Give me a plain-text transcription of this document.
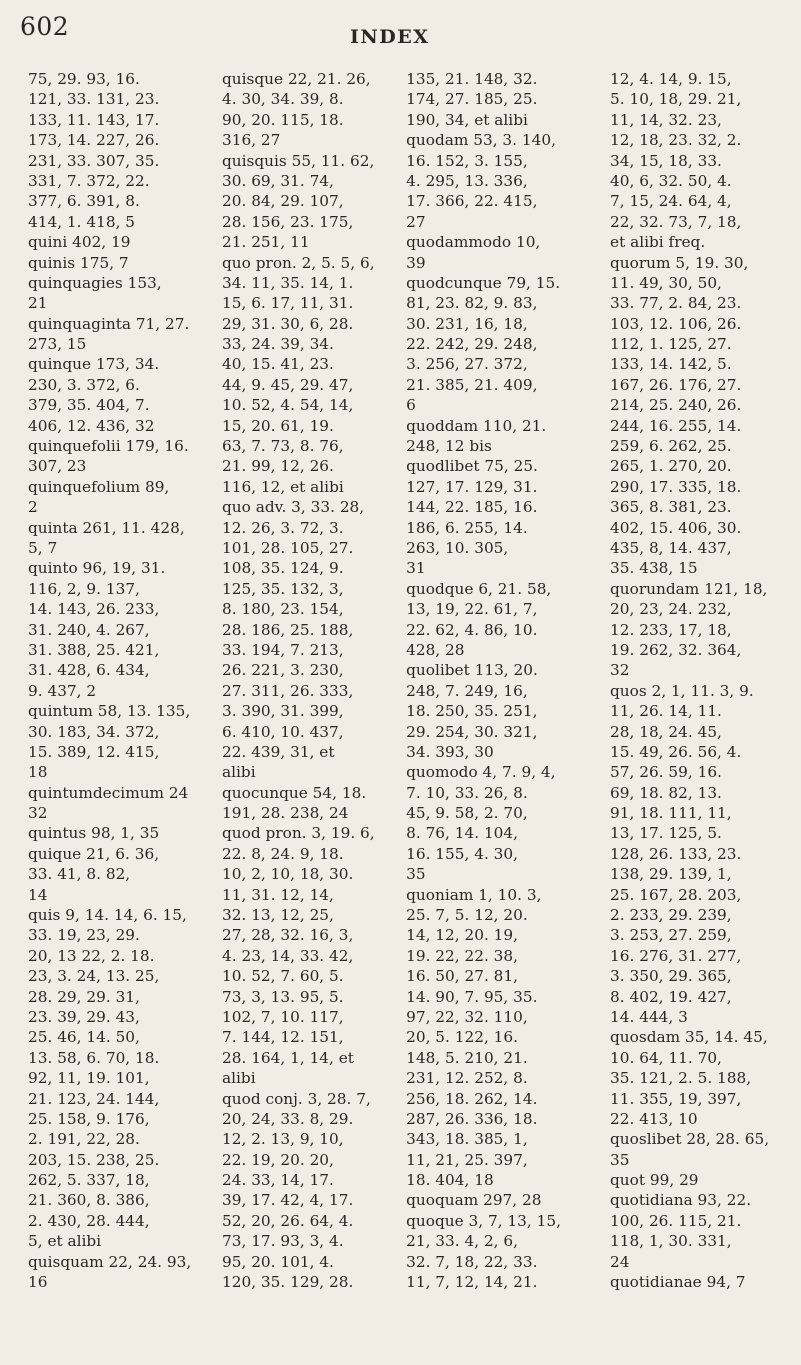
602	INDEX
75, 29. 93, 16.
121, 33. 131, 23.
133, 11. 143, 17.
173, 14. 227, 26.
231, 33. 307, 35.
331, 7. 372, 22.
377, 6. 391, 8.
414, 1. 418, 5
quini 402, 19
quinis 175, 7
quinquagies 153,
21
quinquaginta 71, 27.
273, 15
quinque 173, 34.
230, 3. 372, 6.
379, 35. 404, 7.
406, 12. 436, 32
quinquefolii 179, 16.
307, 23
quinquefolium 89,
2
quinta 261, 11. 428,
5, 7
quinto 96, 19, 31.
116, 2, 9. 137,
14. 143, 26. 233,
31. 240, 4. 267,
31. 388, 25. 421,
31. 428, 6. 434,
9. 437, 2
quintum 58, 13. 135,
30. 183, 34. 372,
15. 389, 12. 415,
18
quintumdecimum 24
32
quintus 98, 1, 35
quique 21, 6. 36,
33. 41, 8. 82,
14
quis 9, 14. 14, 6. 15,
33. 19, 23, 29.
20, 13 22, 2. 18.
23, 3. 24, 13. 25,
28. 29, 29. 31,
23. 39, 29. 43,
25. 46, 14. 50,
13. 58, 6. 70, 18.
92, 11, 19. 101,
21. 123, 24. 144,
25. 158, 9. 176,
2. 191, 22, 28.
203, 15. 238, 25.
262, 5. 337, 18,
21. 360, 8. 386,
2. 430, 28. 444,
5, et alibi
quisquam 22, 24. 93,
16
quisque 22, 21. 26,
4. 30, 34. 39, 8.
90, 20. 115, 18.
316, 27
quisquis 55, 11. 62,
30. 69, 31. 74,
20. 84, 29. 107,
28. 156, 23. 175,
21. 251, 11
quo pron. 2, 5. 5, 6,
34. 11, 35. 14, 1.
15, 6. 17, 11, 31.
29, 31. 30, 6, 28.
33, 24. 39, 34.
40, 15. 41, 23.
44, 9. 45, 29. 47,
10. 52, 4. 54, 14,
15, 20. 61, 19.
63, 7. 73, 8. 76,
21. 99, 12, 26.
116, 12, et alibi
quo adv. 3, 33. 28,
12. 26, 3. 72, 3.
101, 28. 105, 27.
108, 35. 124, 9.
125, 35. 132, 3,
8. 180, 23. 154,
28. 186, 25. 188,
33. 194, 7. 213,
26. 221, 3. 230,
27. 311, 26. 333,
3. 390, 31. 399,
6. 410, 10. 437,
22. 439, 31, et
alibi
quocunque 54, 18.
191, 28. 238, 24
quod pron. 3, 19. 6,
22. 8, 24. 9, 18.
10, 2, 10, 18, 30.
11, 31. 12, 14,
32. 13, 12, 25,
27, 28, 32. 16, 3,
4. 23, 14, 33. 42,
10. 52, 7. 60, 5.
73, 3, 13. 95, 5.
102, 7, 10. 117,
7. 144, 12. 151,
28. 164, 1, 14, et
alibi
quod conj. 3, 28. 7,
20, 24, 33. 8, 29.
12, 2. 13, 9, 10,
22. 19, 20. 20,
24. 33, 14, 17.
39, 17. 42, 4, 17.
52, 20, 26. 64, 4.
73, 17. 93, 3, 4.
95, 20. 101, 4.
120, 35. 129, 28.
135, 21. 148, 32.
174, 27. 185, 25.
190, 34, et alibi
quodam 53, 3. 140,
16. 152, 3. 155,
4. 295, 13. 336,
17. 366, 22. 415,
27
quodammodo 10,
39
quodcunque 79, 15.
81, 23. 82, 9. 83,
30. 231, 16, 18,
22. 242, 29. 248,
3. 256, 27. 372,
21. 385, 21. 409,
6
quoddam 110, 21.
248, 12 bis
quodlibet 75, 25.
127, 17. 129, 31.
144, 22. 185, 16.
186, 6. 255, 14.
263, 10. 305,
31
quodque 6, 21. 58,
13, 19, 22. 61, 7,
22. 62, 4. 86, 10.
428, 28
quolibet 113, 20.
248, 7. 249, 16,
18. 250, 35. 251,
29. 254, 30. 321,
34. 393, 30
quomodo 4, 7. 9, 4,
7. 10, 33. 26, 8.
45, 9. 58, 2. 70,
8. 76, 14. 104,
16. 155, 4. 30,
35
quoniam 1, 10. 3,
25. 7, 5. 12, 20.
14, 12, 20. 19,
19. 22, 22. 38,
16. 50, 27. 81,
14. 90, 7. 95, 35.
97, 22, 32. 110,
20, 5. 122, 16.
148, 5. 210, 21.
231, 12. 252, 8.
256, 18. 262, 14.
287, 26. 336, 18.
343, 18. 385, 1,
11, 21, 25. 397,
18. 404, 18
quoquam 297, 28
quoque 3, 7, 13, 15,
21, 33. 4, 2, 6,
32. 7, 18, 22, 33.
11, 7, 12, 14, 21.
12, 4. 14, 9. 15,
5. 10, 18, 29. 21,
11, 14, 32. 23,
12, 18, 23. 32, 2.
34, 15, 18, 33.
40, 6, 32. 50, 4.
7, 15, 24. 64, 4,
22, 32. 73, 7, 18,
et alibi freq.
quorum 5, 19. 30,
11. 49, 30, 50,
33. 77, 2. 84, 23.
103, 12. 106, 26.
112, 1. 125, 27.
133, 14. 142, 5.
167, 26. 176, 27.
214, 25. 240, 26.
244, 16. 255, 14.
259, 6. 262, 25.
265, 1. 270, 20.
290, 17. 335, 18.
365, 8. 381, 23.
402, 15. 406, 30.
435, 8, 14. 437,
35. 438, 15
quorundam 121, 18,
20, 23, 24. 232,
12. 233, 17, 18,
19. 262, 32. 364,
32
quos 2, 1, 11. 3, 9.
11, 26. 14, 11.
28, 18, 24. 45,
15. 49, 26. 56, 4.
57, 26. 59, 16.
69, 18. 82, 13.
91, 18. 111, 11,
13, 17. 125, 5.
128, 26. 133, 23.
138, 29. 139, 1,
25. 167, 28. 203,
2. 233, 29. 239,
3. 253, 27. 259,
16. 276, 31. 277,
3. 350, 29. 365,
8. 402, 19. 427,
14. 444, 3
quosdam 35, 14. 45,
10. 64, 11. 70,
35. 121, 2. 5. 188,
11. 355, 19, 397,
22. 413, 10
quoslibet 28, 28. 65,
35
quot 99, 29
quotidiana 93, 22.
100, 26. 115, 21.
118, 1, 30. 331,
24
quotidianae 94, 7
